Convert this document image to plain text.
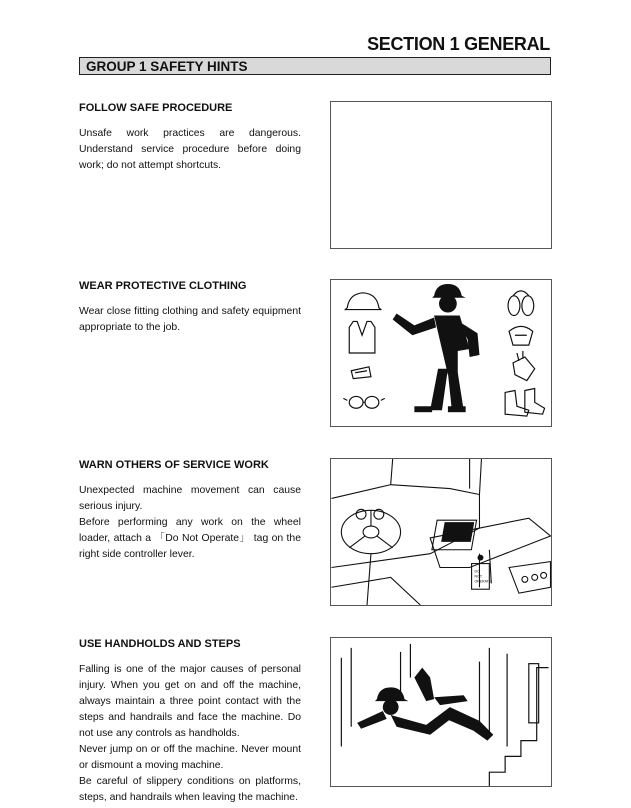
SECTION 1 GENERAL
GROUP 1 SAFETY HINTS

FOLLOW SAFE PROCEDURE

Unsafe work practices are dangerous. Understand service procedure before doing work; do not attempt shortcuts.

WEAR PROTECTIVE CLOTHING

Wear close fitting clothing and safety equipment appropriate to the job.

WARN OTHERS OF SERVICE WORK

Unexpected machine movement can cause serious injury.

Before performing any work on the wheel loader, attach a 「Do Not Operate」 tag on the right side controller lever.

DO
NOT
OPERATE

USE HANDHOLDS AND STEPS

Falling is one of the major causes of personal injury. When you get on and off the machine, always maintain a three point contact with the steps and handrails and face the machine. Do not use any controls as handholds.

Never jump on or off the machine. Never mount or dismount a moving machine.

Be careful of slippery conditions on platforms, steps, and handrails when leaving the machine.
